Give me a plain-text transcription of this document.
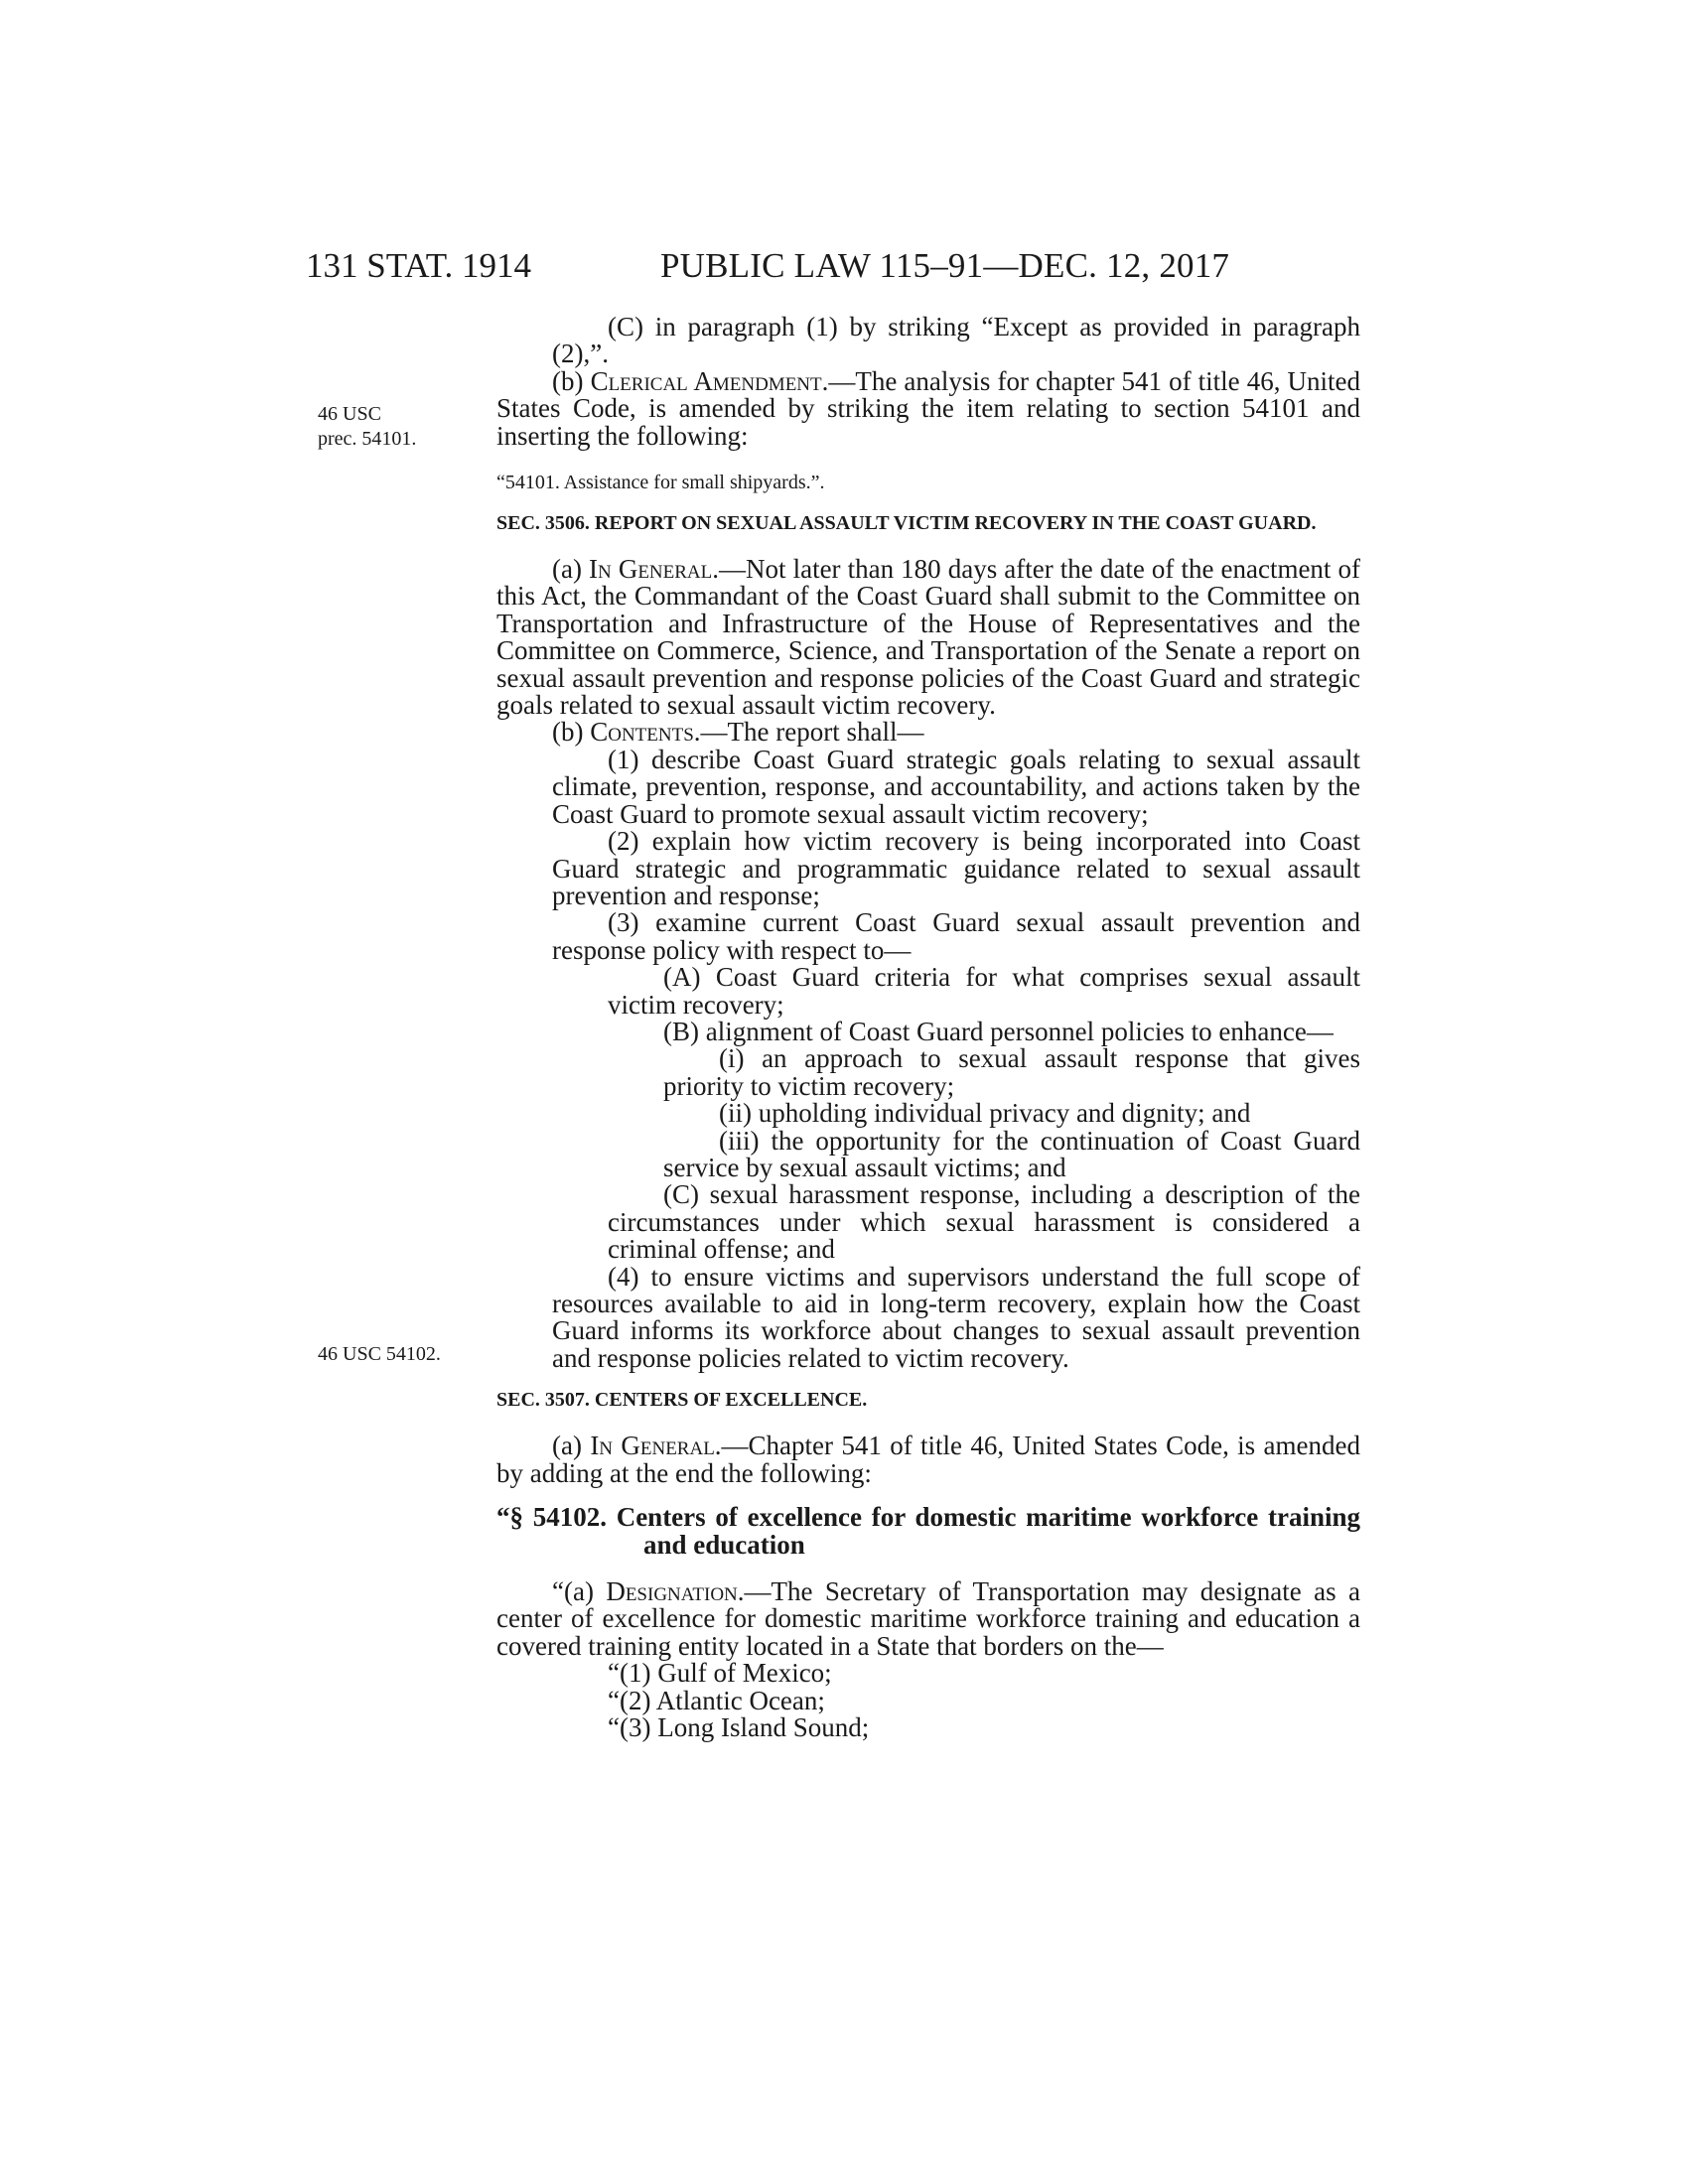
131 STAT. 1914	PUBLIC LAW 115–91—DEC. 12, 2017
46 USC
prec. 54101.
46 USC 54102.
(C) in paragraph (1) by striking “Except as provided in paragraph (2),”.
(b) Clerical Amendment.—The analysis for chapter 541 of title 46, United States Code, is amended by striking the item relating to section 54101 and inserting the following:
“54101. Assistance for small shipyards.”.
SEC. 3506. REPORT ON SEXUAL ASSAULT VICTIM RECOVERY IN THE COAST GUARD.
(a) In General.—Not later than 180 days after the date of the enactment of this Act, the Commandant of the Coast Guard shall submit to the Committee on Transportation and Infrastructure of the House of Representatives and the Committee on Commerce, Science, and Transportation of the Senate a report on sexual assault prevention and response policies of the Coast Guard and strategic goals related to sexual assault victim recovery.
(b) Contents.—The report shall—
(1) describe Coast Guard strategic goals relating to sexual assault climate, prevention, response, and accountability, and actions taken by the Coast Guard to promote sexual assault victim recovery;
(2) explain how victim recovery is being incorporated into Coast Guard strategic and programmatic guidance related to sexual assault prevention and response;
(3) examine current Coast Guard sexual assault prevention and response policy with respect to—
(A) Coast Guard criteria for what comprises sexual assault victim recovery;
(B) alignment of Coast Guard personnel policies to enhance—
(i) an approach to sexual assault response that gives priority to victim recovery;
(ii) upholding individual privacy and dignity; and
(iii) the opportunity for the continuation of Coast Guard service by sexual assault victims; and
(C) sexual harassment response, including a description of the circumstances under which sexual harassment is considered a criminal offense; and
(4) to ensure victims and supervisors understand the full scope of resources available to aid in long-term recovery, explain how the Coast Guard informs its workforce about changes to sexual assault prevention and response policies related to victim recovery.
SEC. 3507. CENTERS OF EXCELLENCE.
(a) In General.—Chapter 541 of title 46, United States Code, is amended by adding at the end the following:
“§ 54102. Centers of excellence for domestic maritime workforce training and education
“(a) Designation.—The Secretary of Transportation may designate as a center of excellence for domestic maritime workforce training and education a covered training entity located in a State that borders on the—
“(1) Gulf of Mexico;
“(2) Atlantic Ocean;
“(3) Long Island Sound;
